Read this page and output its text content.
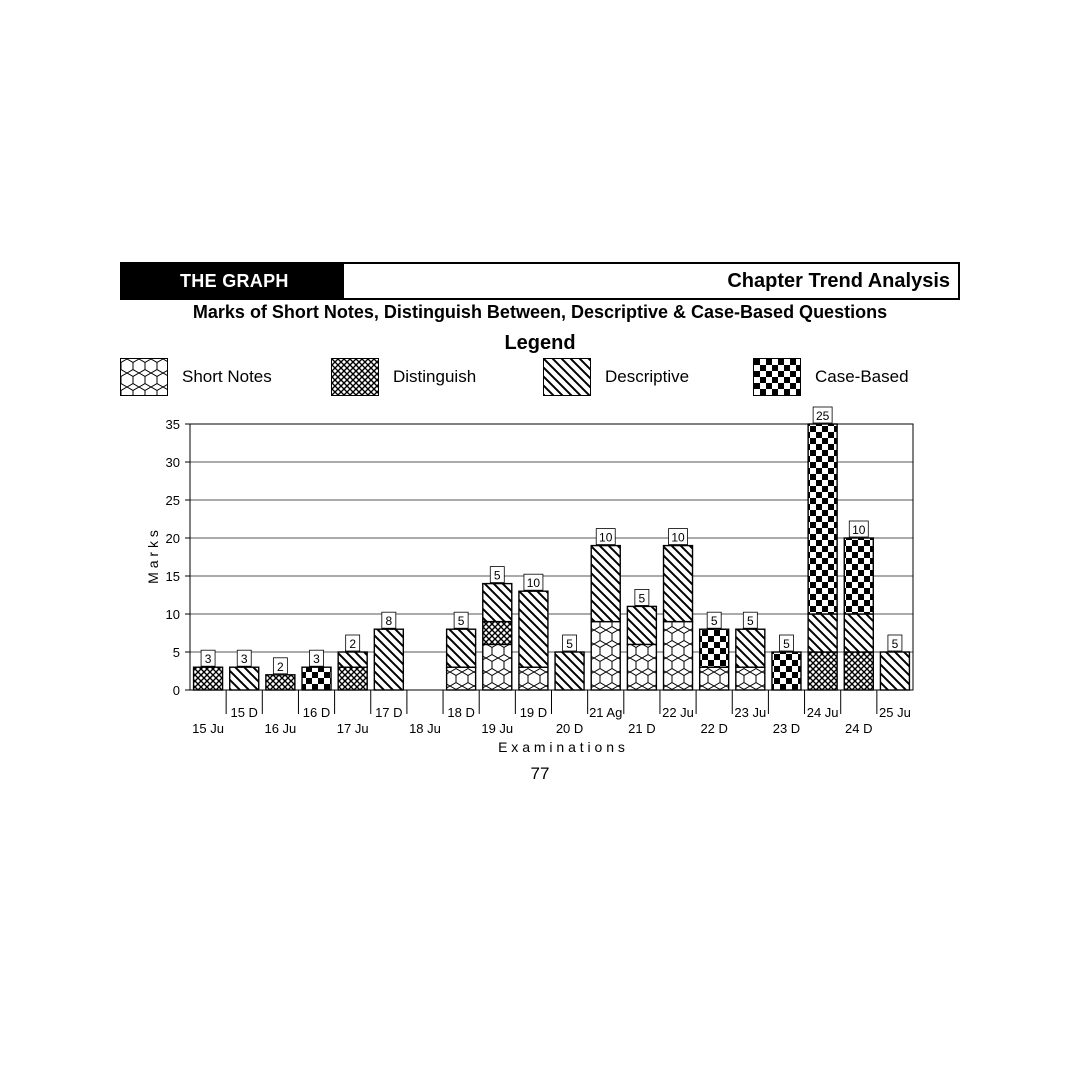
THE GRAPH	Chapter Trend Analysis
Marks of Short Notes, Distinguish Between, Descriptive & Case-Based Questions
Legend
Short Notes	Distinguish	Descriptive	Case-Based
0
5
10
15
20
25
30
35
M a r k s
E x a m i n a t i o n s
15 Ju
15 D
16 Ju
16 D
17 Ju
17 D
18 Ju
18 D
19 Ju
19 D
20 D
21 Ag
21 D
22 Ju
22 D
23 Ju
23 D
24 Ju
24 D
25 Ju
3 3
2
3
2
8	5
5
10
5
10
5
10
5 5
5
25
10
5
77
